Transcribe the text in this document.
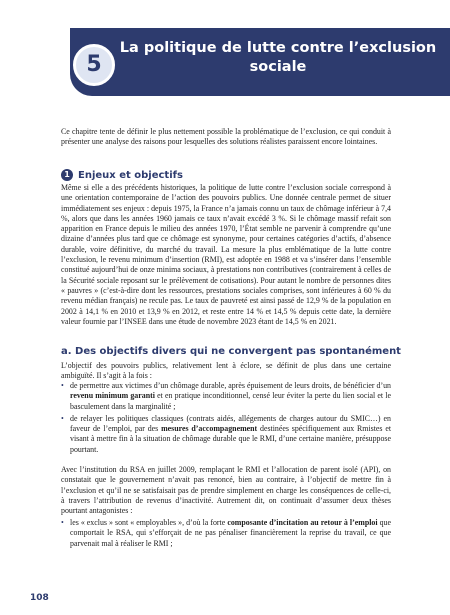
5
La politique de lutte contre l’exclusion sociale

Ce chapitre tente de définir le plus nettement possible la problématique de l’exclusion, ce qui conduit à présenter une analyse des raisons pour lesquelles des solutions réalistes paraissent encore lointaines.

1 Enjeux et objectifs

Même si elle a des précédents historiques, la politique de lutte contre l’exclusion sociale correspond à une orientation contemporaine de l’action des pouvoirs publics. Une donnée centrale permet de situer immédiatement ses enjeux : depuis 1975, la France n’a jamais connu un taux de chômage inférieur à 7,4 %, alors que dans les années 1960 jamais ce taux n’avait excédé 3 %. Si le chômage massif refait son apparition en France depuis le milieu des années 1970, l’État semble ne parvenir à comprendre qu’une dizaine d’années plus tard que ce chômage est synonyme, pour certaines catégories d’actifs, d’absence durable, voire définitive, du marché du travail. La mesure la plus emblématique de la lutte contre l’exclusion, le revenu minimum d’insertion (RMI), est adoptée en 1988 et va s’insérer dans l’ensemble constitué aujourd’hui de onze minima sociaux, à prestations non contributives (contrairement à celles de la Sécurité sociale reposant sur le prélèvement de cotisations). Pour autant le nombre de personnes dites « pauvres » (c’est-à-dire dont les ressources, prestations sociales comprises, sont inférieures à 60 % du revenu médian français) ne recule pas. Le taux de pauvreté est ainsi passé de 12,9 % de la population en 2002 à 14,1 % en 2010 et 13,9 % en 2012, et reste entre 14 % et 14,5 % depuis cette date, la dernière valeur fournie par l’INSEE dans une étude de novembre 2023 étant de 14,5 % en 2021.

a. Des objectifs divers qui ne convergent pas spontanément

L’objectif des pouvoirs publics, relativement lent à éclore, se définit de plus dans une certaine ambiguïté. Il s’agit à la fois :

• de permettre aux victimes d’un chômage durable, après épuisement de leurs droits, de bénéficier d’un revenu minimum garanti et en pratique inconditionnel, censé leur éviter la perte du lien social et le basculement dans la marginalité ;
• de relayer les politiques classiques (contrats aidés, allégements de charges autour du SMIC…) en faveur de l’emploi, par des mesures d’accompagnement destinées spécifiquement aux Rmistes et visant à mettre fin à la situation de chômage durable que le RMI, d’une certaine manière, présuppose pourtant.

Avec l’institution du RSA en juillet 2009, remplaçant le RMI et l’allocation de parent isolé (API), on constatait que le gouvernement n’avait pas renoncé, bien au contraire, à l’objectif de mettre fin à l’exclusion et qu’il ne se satisfaisait pas de prendre simplement en charge les conséquences de celle-ci, à travers l’attribution de revenus d’inactivité. Autrement dit, on continuait d’assumer deux thèses pourtant antagonistes :

• les « exclus » sont « employables », d’où la forte composante d’incitation au retour à l’emploi que comportait le RSA, qui s’efforçait de ne pas pénaliser financièrement la reprise du travail, ce que parvenait mal à réaliser le RMI ;
108
